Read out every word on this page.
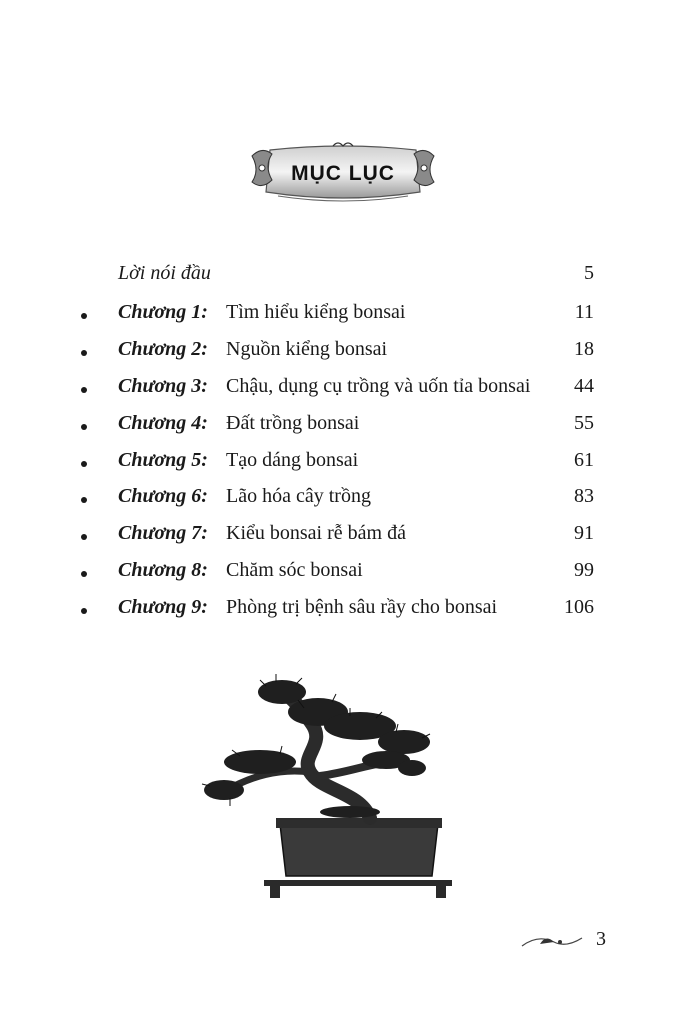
MỤC LỤC
Lời nói đầu	5
Chương 1: Tìm hiểu kiểng bonsai	11
Chương 2: Nguồn kiểng bonsai	18
Chương 3: Chậu, dụng cụ trồng và uốn tỉa bonsai 44
Chương 4: Đất trồng bonsai	55
Chương 5: Tạo dáng bonsai	61
Chương 6: Lão hóa cây trồng	83
Chương 7: Kiểu bonsai rễ bám đá	91
Chương 8: Chăm sóc bonsai	99
Chương 9: Phòng trị bệnh sâu rầy cho bonsai	106
3
